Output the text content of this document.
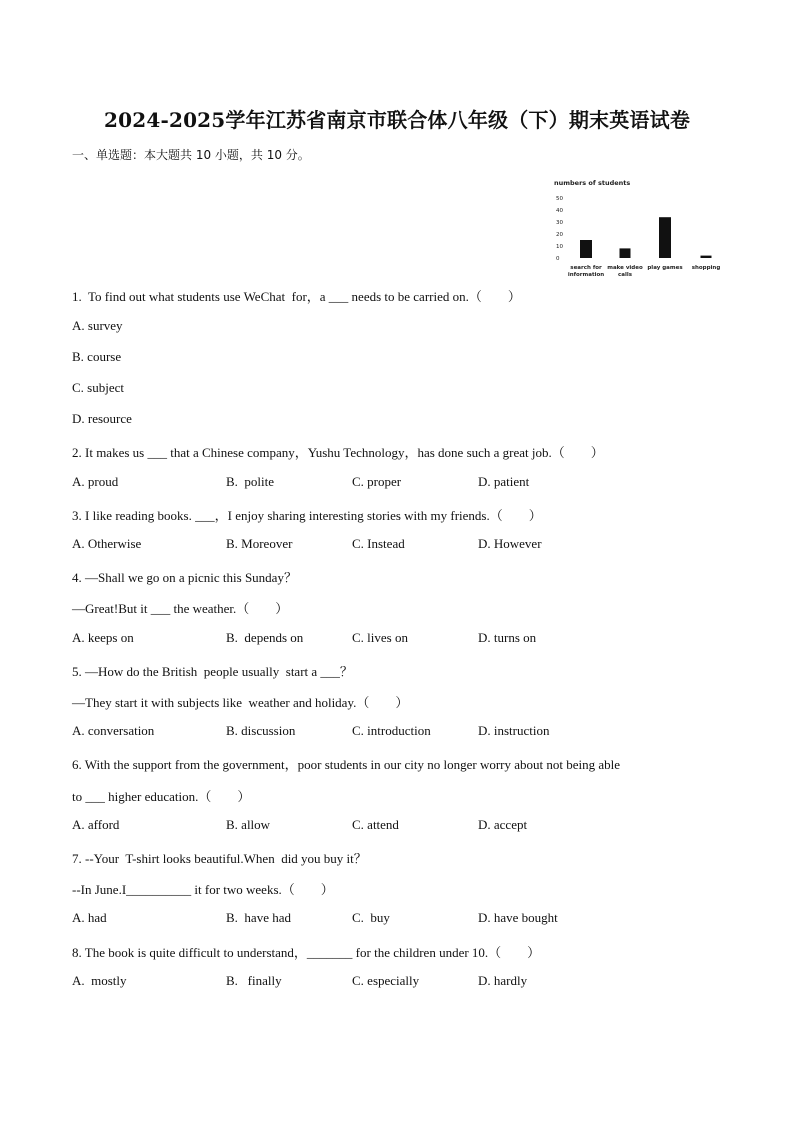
2024-2025学年江苏省南京市联合体八年级（下）期末英语试卷
一、单选题：本大题共 10 小题，共 10 分。
numbers of students
50
40
30
20
10
0
search for
information
make video
calls
play games shopping
1.  To find out what students use WeChat  for，a ___ needs to be carried on.（        ）
A. survey
B. course
C. subject
D. resource
2. It makes us ___ that a Chinese company，Yushu Technology，has done such a great job.（        ）
A. proud	B.  polite	C. proper	D. patient
3. I like reading books. ___，I enjoy sharing interesting stories with my friends.（        ）
A. Otherwise	B. Moreover	C. Instead	D. However
4. —Shall we go on a picnic this Sunday？
—Great!But it ___ the weather.（        ）
A. keeps on	B.  depends on	C. lives on	D. turns on
5. —How do the British  people usually  start a ___？
—They start it with subjects like  weather and holiday.（        ）
A. conversation	B. discussion	C. introduction	D. instruction
6. With the support from the government，poor students in our city no longer worry about not being able
to ___ higher education.（        ）
A. afford	B. allow	C. attend	D. accept
7. --Your  T-shirt looks beautiful.When  did you buy it？
--In June.I__________ it for two weeks.（        ）
A. had	B.  have had	C.  buy	D. have bought
8. The book is quite difficult to understand，_______ for the children under 10.（        ）
A.  mostly	B.   finally	C. especially	D. hardly
